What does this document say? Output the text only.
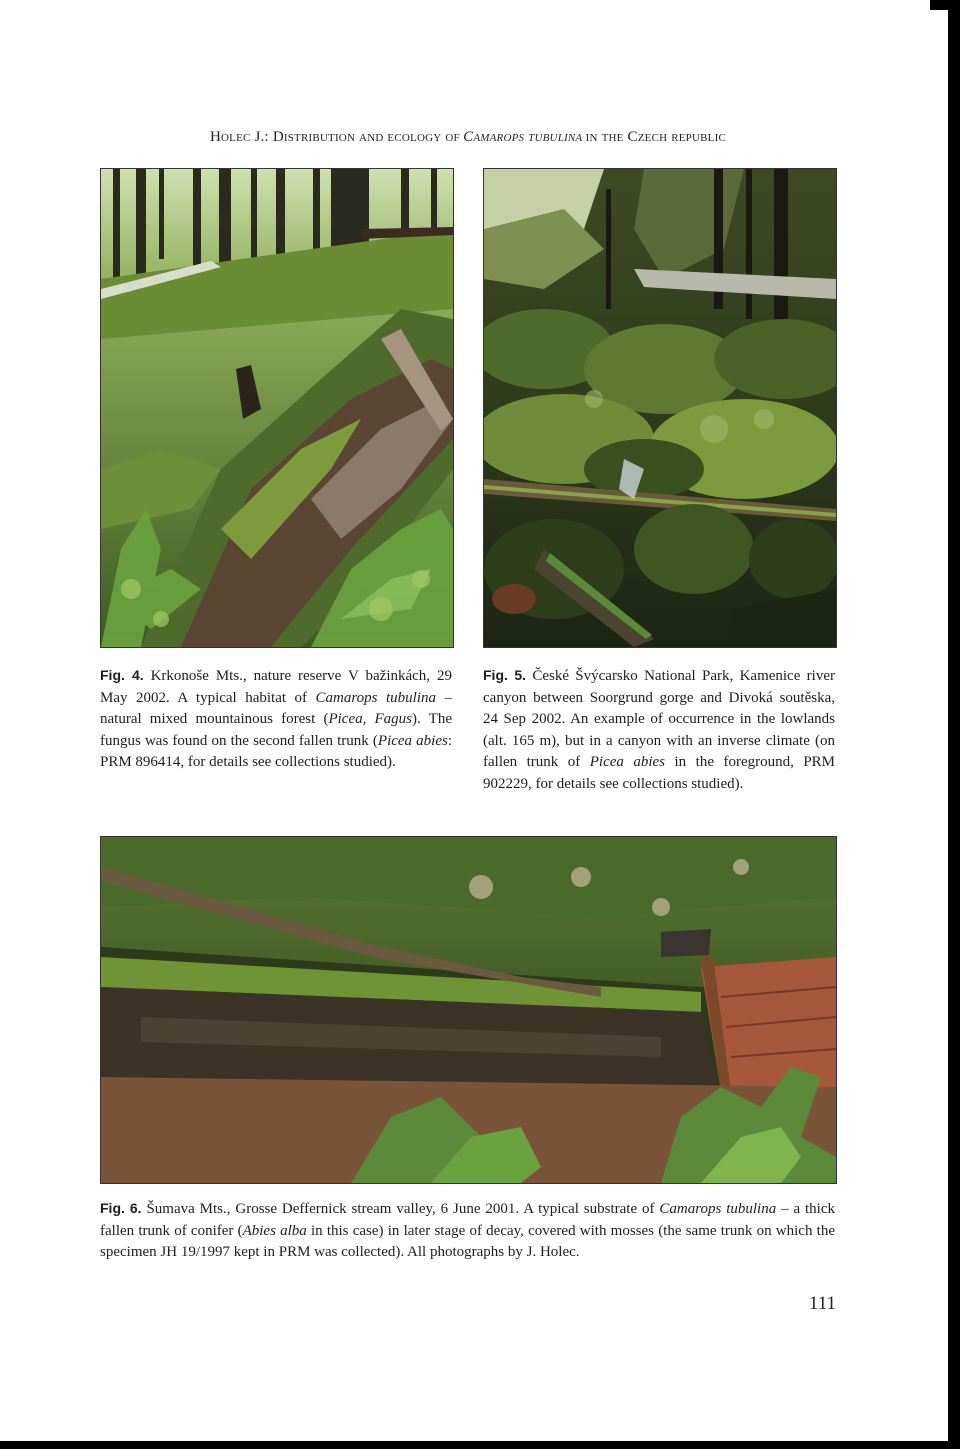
Holec J.: Distribution and ecology of Camarops tubulina in the Czech republic
Fig. 4. Krkonoše Mts., nature reserve V bažinkách, 29 May 2002. A typical habitat of Camarops tubulina – natural mixed mountainous forest (Picea, Fagus). The fungus was found on the second fallen trunk (Picea abies: PRM 896414, for details see collections studied).
Fig. 5. České Švýcarsko National Park, Kamenice river canyon between Soorgrund gorge and Divoká soutěska, 24 Sep 2002. An example of occurrence in the lowlands (alt. 165 m), but in a canyon with an inverse climate (on fallen trunk of Picea abies in the foreground, PRM 902229, for details see collections studied).
Fig. 6. Šumava Mts., Grosse Deffernick stream valley, 6 June 2001. A typical substrate of Camarops tubulina – a thick fallen trunk of conifer (Abies alba in this case) in later stage of decay, covered with mosses (the same trunk on which the specimen JH 19/1997 kept in PRM was collected). All photographs by J. Holec.
111
